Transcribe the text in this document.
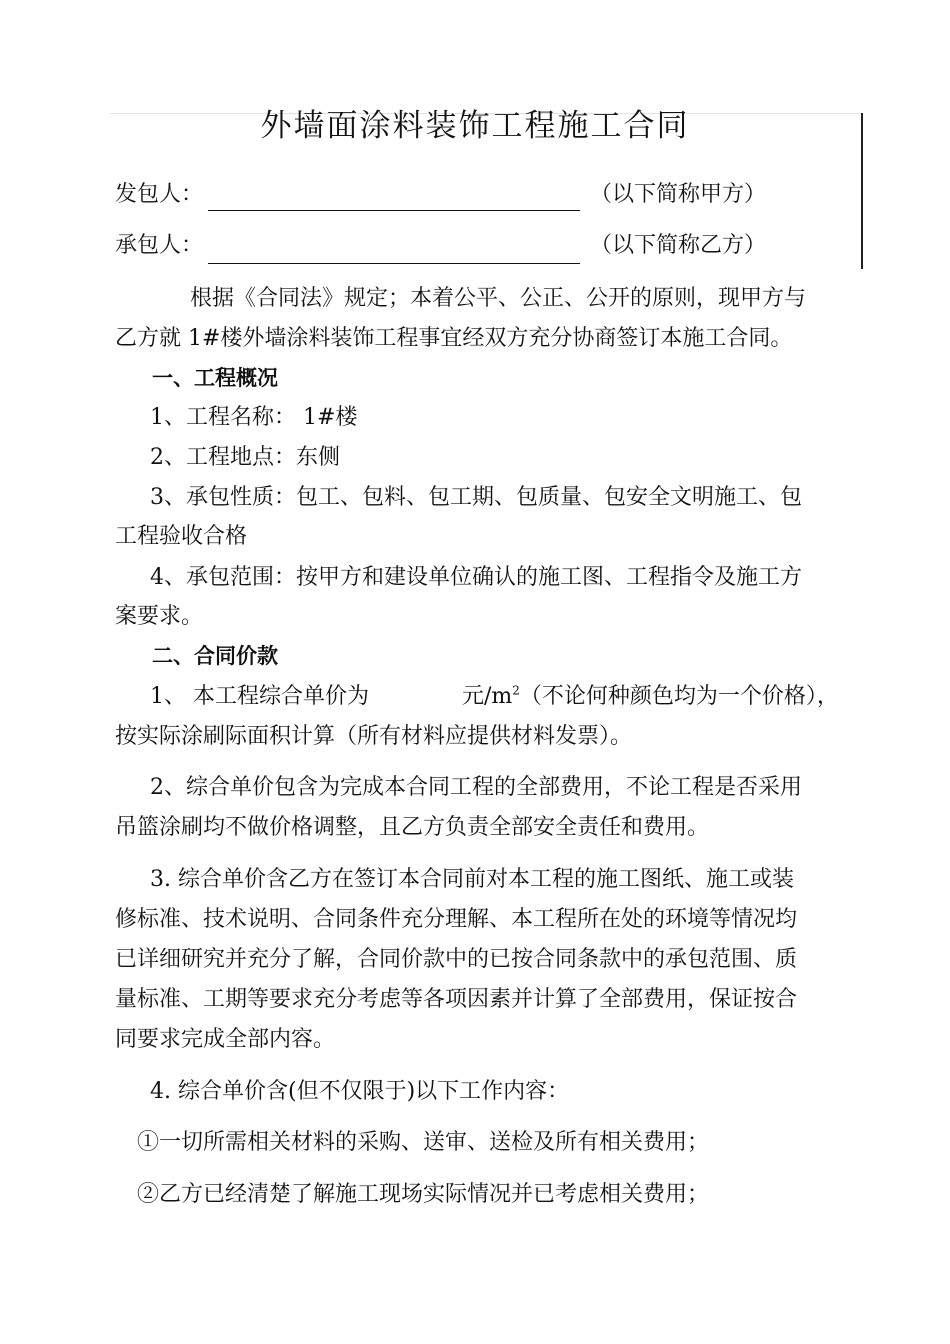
外墙面涂料装饰工程施工合同
发包人：	（以下简称甲方）
承包人：	（以下简称乙方）
根据《合同法》规定；本着公平、公正、公开的原则，现甲方与
乙方就 1#楼外墙涂料装饰工程事宜经双方充分协商签订本施工合同。
一、工程概况
1、工程名称： 1#楼
2、工程地点：东侧
3、承包性质：包工、包料、包工期、包质量、包安全文明施工、包
工程验收合格
4、承包范围：按甲方和建设单位确认的施工图、工程指令及施工方
案要求。
二、合同价款
1、 本工程综合单价为	元$/m^2$（不论何种颜色均为一个价格），
按实际涂刷际面积计算（所有材料应提供材料发票）。
2、综合单价包含为完成本合同工程的全部费用，不论工程是否采用
吊篮涂刷均不做价格调整，且乙方负责全部安全责任和费用。
3. 综合单价含乙方在签订本合同前对本工程的施工图纸、施工或装
修标准、技术说明、合同条件充分理解、本工程所在处的环境等情况均
已详细研究并充分了解，合同价款中的已按合同条款中的承包范围、质
量标准、工期等要求充分考虑等各项因素并计算了全部费用，保证按合
同要求完成全部内容。
4. 综合单价含(但不仅限于)以下工作内容：
①一切所需相关材料的采购、送审、送检及所有相关费用；
②乙方已经清楚了解施工现场实际情况并已考虑相关费用；
